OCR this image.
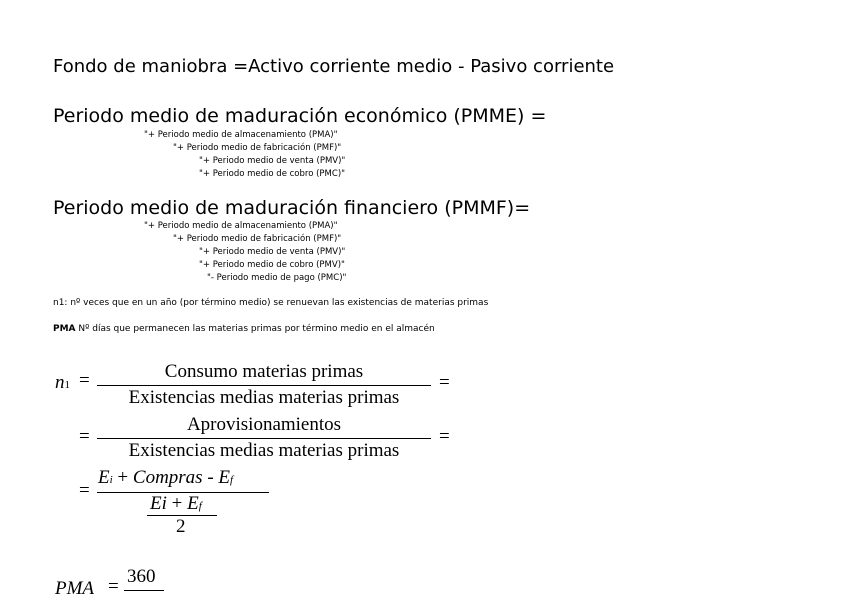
Fondo de maniobra =Activo corriente medio - Pasivo corriente
Periodo medio de maduración económico (PMME) =
"+ Periodo medio de almacenamiento (PMA)"
"+ Periodo medio de fabricación (PMF)"
"+ Periodo medio de venta (PMV)"
"+ Periodo medio de cobro (PMC)"
Periodo medio de maduración financiero (PMMF)=
"+ Periodo medio de almacenamiento (PMA)"
"+ Periodo medio de fabricación (PMF)"
"+ Periodo medio de venta (PMV)"
"+ Periodo medio de cobro (PMV)"
"- Periodo medio de pago (PMC)"
n1: nº veces que en un año (por término medio) se renuevan las existencias de materias primas
PMA Nº días que permanecen las materias primas por término medio en el almacén
n1 =	Consumo materias primas
Existencias medias materias primas
=
=
Aprovisionamientos
Existencias medias materias primas
=
=
Ei + Compras - Ef
Ei + Ef
2
PMA = 360
